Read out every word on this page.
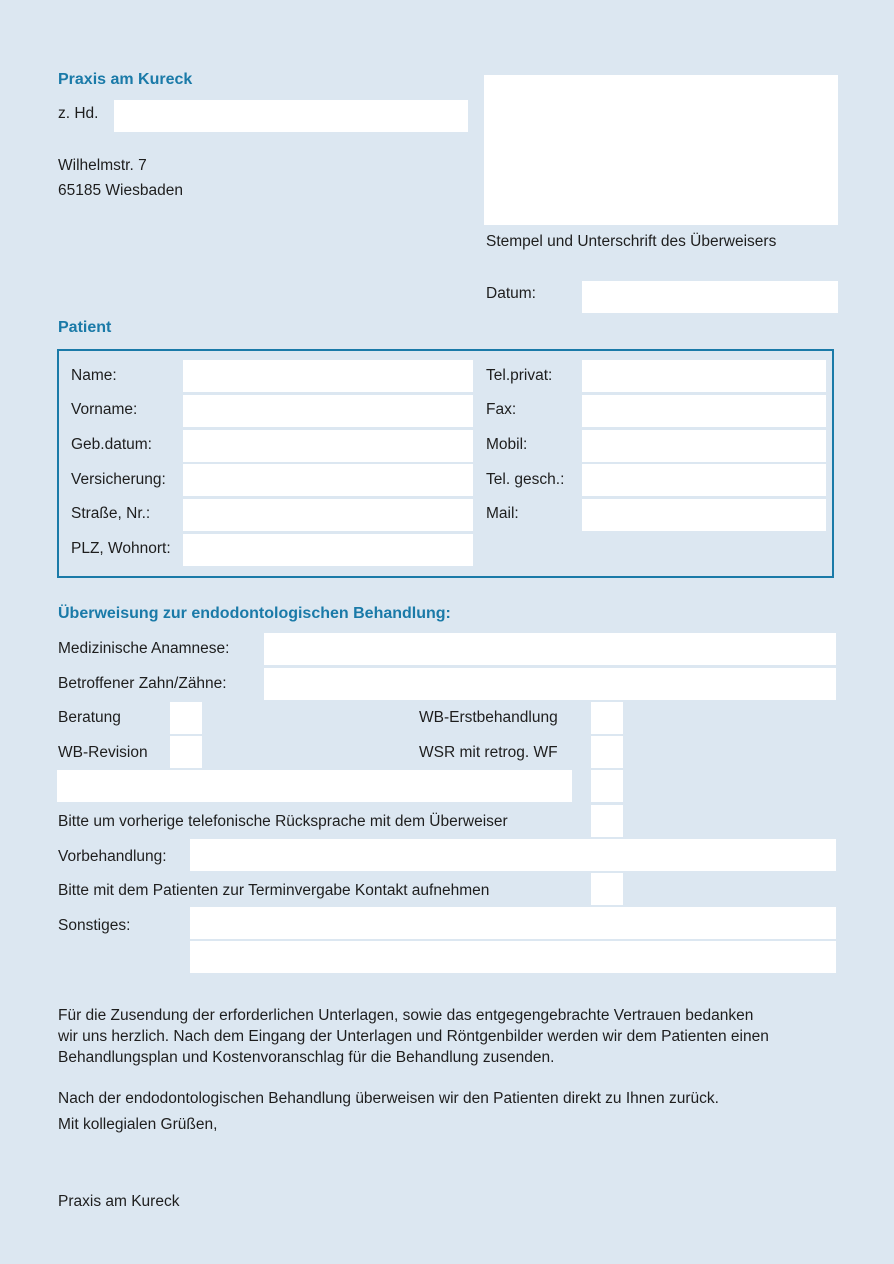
Praxis am Kureck
z. Hd.
Wilhelmstr. 7
65185 Wiesbaden
Stempel und Unterschrift des Überweisers
Datum:
Patient
Name:
Vorname:
Geb.datum:
Versicherung:
Straße, Nr.:
PLZ, Wohnort:
Tel.privat:
Fax:
Mobil:
Tel. gesch.:
Mail:
Überweisung zur endodontologischen Behandlung:
Medizinische Anamnese:
Betroffener Zahn/Zähne:
Beratung	WB-Erstbehandlung
WB-Revision	WSR mit retrog. WF
Bitte um vorherige telefonische Rücksprache mit dem Überweiser
Vorbehandlung:
Bitte mit dem Patienten zur Terminvergabe Kontakt aufnehmen
Sonstiges:
Für die Zusendung der erforderlichen Unterlagen, sowie das entgegengebrachte Vertrauen bedanken
wir uns herzlich. Nach dem Eingang der Unterlagen und Röntgenbilder werden wir dem Patienten einen
Behandlungsplan und Kostenvoranschlag für die Behandlung zusenden.
Nach der endodontologischen Behandlung überweisen wir den Patienten direkt zu Ihnen zurück.
Mit kollegialen Grüßen,
Praxis am Kureck
